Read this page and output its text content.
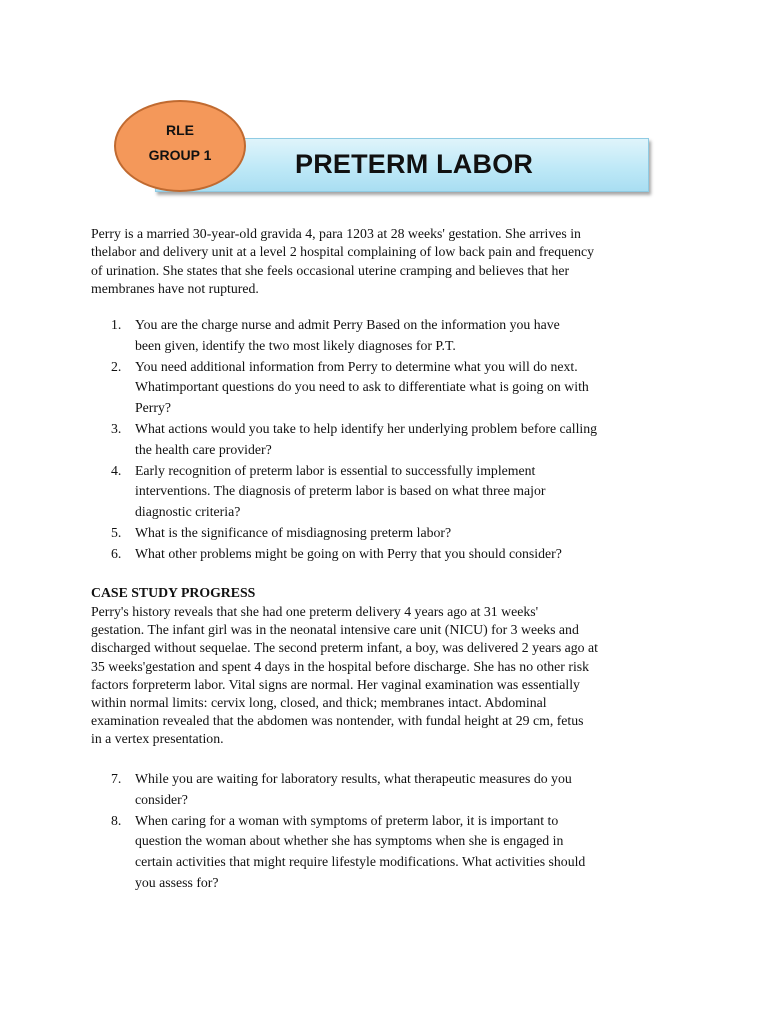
PRETERM LABOR
RLE
GROUP 1
Perry is a married 30-year-old gravida 4, para 1203 at 28 weeks' gestation. She arrives in
thelabor and delivery unit at a level 2 hospital complaining of low back pain and frequency
of urination. She states that she feels occasional uterine cramping and believes that her
membranes have not ruptured.
1. You are the charge nurse and admit Perry Based on the information you have
been given, identify the two most likely diagnoses for P.T.
2. You need additional information from Perry to determine what you will do next.
Whatimportant questions do you need to ask to differentiate what is going on with
Perry?
3. What actions would you take to help identify her underlying problem before calling
the health care provider?
4. Early recognition of preterm labor is essential to successfully implement
interventions. The diagnosis of preterm labor is based on what three major
diagnostic criteria?
5. What is the significance of misdiagnosing preterm labor?
6. What other problems might be going on with Perry that you should consider?
CASE STUDY PROGRESS
Perry's history reveals that she had one preterm delivery 4 years ago at 31 weeks'
gestation. The infant girl was in the neonatal intensive care unit (NICU) for 3 weeks and
discharged without sequelae. The second preterm infant, a boy, was delivered 2 years ago at
35 weeks'gestation and spent 4 days in the hospital before discharge. She has no other risk
factors forpreterm labor. Vital signs are normal. Her vaginal examination was essentially
within normal limits: cervix long, closed, and thick; membranes intact. Abdominal
examination revealed that the abdomen was nontender, with fundal height at 29 cm, fetus
in a vertex presentation.
7. While you are waiting for laboratory results, what therapeutic measures do you
consider?
8. When caring for a woman with symptoms of preterm labor, it is important to
question the woman about whether she has symptoms when she is engaged in
certain activities that might require lifestyle modifications. What activities should
you assess for?
